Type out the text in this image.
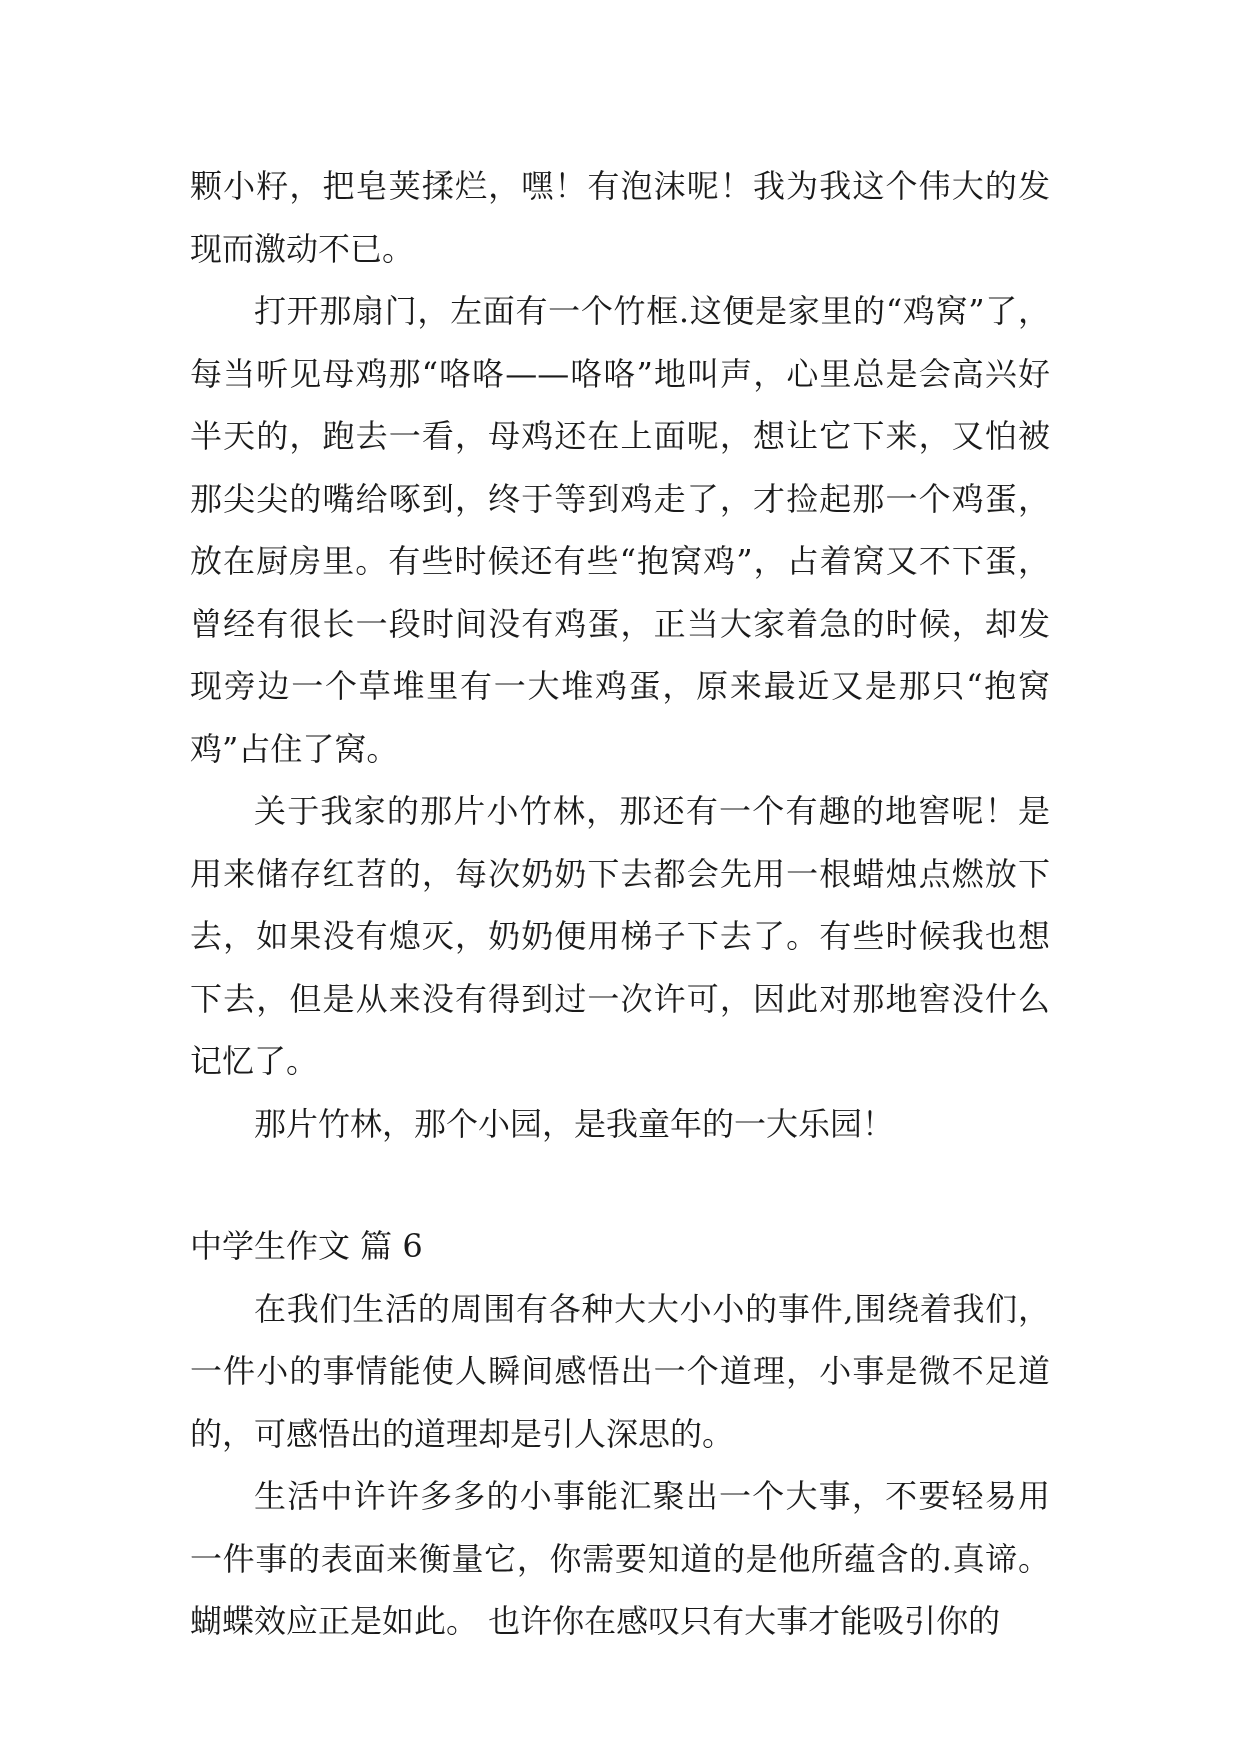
颗小籽，把皂荚揉烂，嘿！有泡沫呢！我为我这个伟大的发现而激动不已。

打开那扇门，左面有一个竹框.这便是家里的“鸡窝”了，每当听见母鸡那“咯咯——咯咯”地叫声，心里总是会高兴好半天的，跑去一看，母鸡还在上面呢，想让它下来，又怕被那尖尖的嘴给啄到，终于等到鸡走了，才捡起那一个鸡蛋，放在厨房里。有些时候还有些“抱窝鸡”，占着窝又不下蛋，曾经有很长一段时间没有鸡蛋，正当大家着急的时候，却发现旁边一个草堆里有一大堆鸡蛋，原来最近又是那只“抱窝鸡”占住了窝。

关于我家的那片小竹林，那还有一个有趣的地窖呢！是用来储存红苕的，每次奶奶下去都会先用一根蜡烛点燃放下去，如果没有熄灭，奶奶便用梯子下去了。有些时候我也想下去，但是从来没有得到过一次许可，因此对那地窖没什么记忆了。

那片竹林，那个小园，是我童年的一大乐园！

中学生作文 篇 6

在我们生活的周围有各种大大小小的事件,围绕着我们，一件小的事情能使人瞬间感悟出一个道理，小事是微不足道的，可感悟出的道理却是引人深思的。

生活中许许多多的小事能汇聚出一个大事，不要轻易用一件事的表面来衡量它，你需要知道的是他所蕴含的.真谛。蝴蝶效应正是如此。 也许你在感叹只有大事才能吸引你的
